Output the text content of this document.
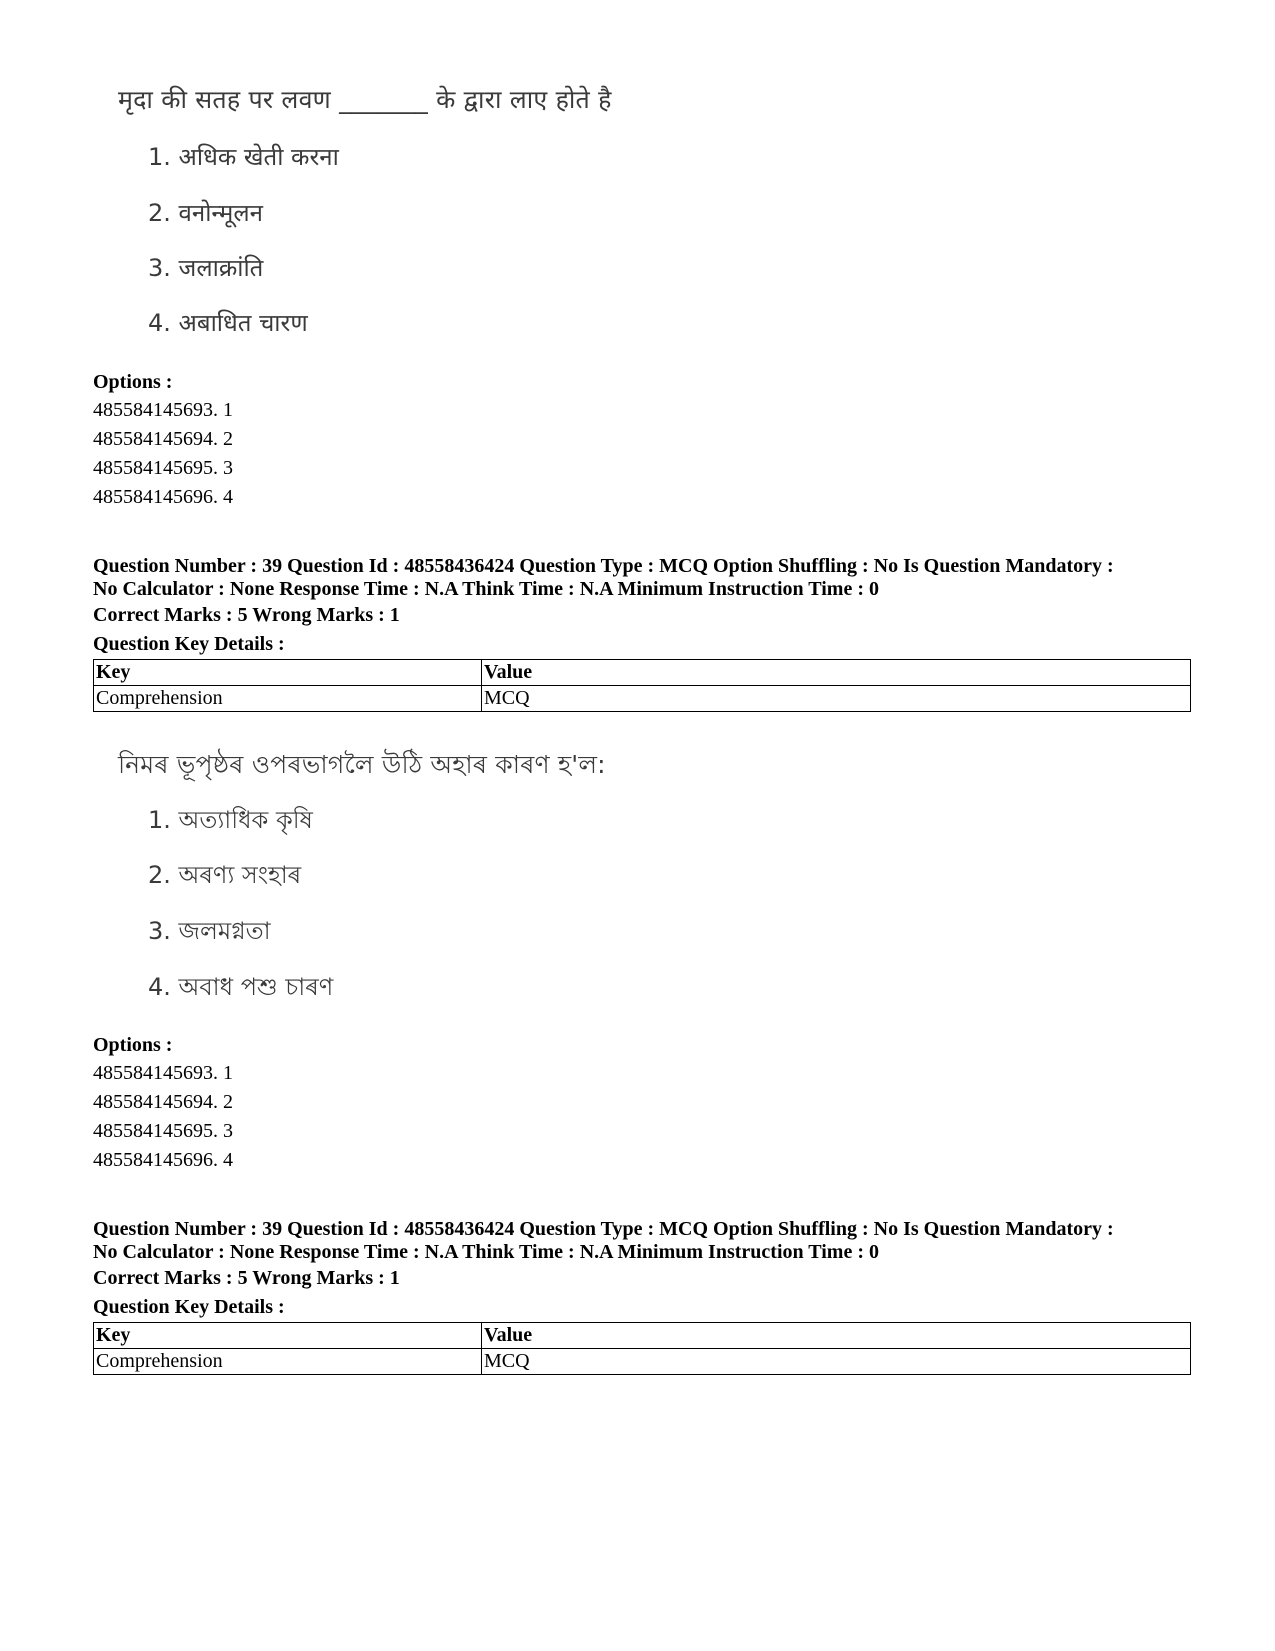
मृदा की सतह पर लवण _______ के द्वारा लाए होते है
1. अधिक खेती करना
2. वनोन्मूलन
3. जलाक्रांति
4. अबाधित चारण
Options :
485584145693. 1
485584145694. 2
485584145695. 3
485584145696. 4
Question Number : 39 Question Id : 48558436424 Question Type : MCQ Option Shuffling : No Is Question Mandatory :
No Calculator : None Response Time : N.A Think Time : N.A Minimum Instruction Time : 0
Correct Marks : 5 Wrong Marks : 1
Question Key Details :
Key	Value
Comprehension	MCQ
নিমৰ ভূপৃষ্ঠৰ ওপৰভাগলৈ উঠি অহাৰ কাৰণ হ'ল:
1. অত্যাধিক কৃষি
2. অৰণ্য সংহাৰ
3. জলমগ্নতা
4. অবাধ পশু চাৰণ
Options :
485584145693. 1
485584145694. 2
485584145695. 3
485584145696. 4
Question Number : 39 Question Id : 48558436424 Question Type : MCQ Option Shuffling : No Is Question Mandatory :
No Calculator : None Response Time : N.A Think Time : N.A Minimum Instruction Time : 0
Correct Marks : 5 Wrong Marks : 1
Question Key Details :
Key	Value
Comprehension	MCQ
